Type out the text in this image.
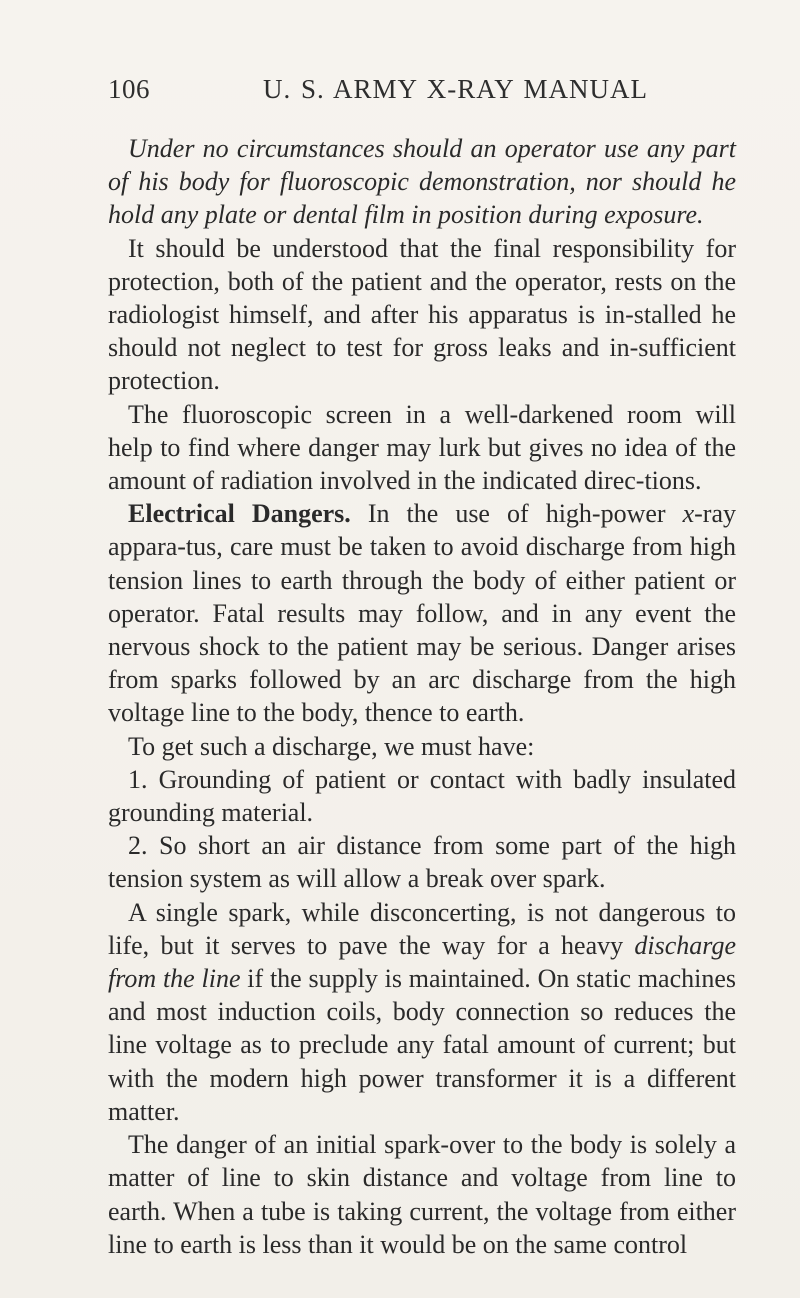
106	U. S. ARMY X-RAY MANUAL

Under no circumstances should an operator use any part of his body for fluoroscopic demonstration, nor should he hold any plate or dental film in position during exposure.

It should be understood that the final responsibility for protection, both of the patient and the operator, rests on the radiologist himself, and after his apparatus is in-stalled he should not neglect to test for gross leaks and in-sufficient protection.

The fluoroscopic screen in a well-darkened room will help to find where danger may lurk but gives no idea of the amount of radiation involved in the indicated direc-tions.

Electrical Dangers. In the use of high-power x-ray appara-tus, care must be taken to avoid discharge from high tension lines to earth through the body of either patient or operator. Fatal results may follow, and in any event the nervous shock to the patient may be serious. Danger arises from sparks followed by an arc discharge from the high voltage line to the body, thence to earth.

To get such a discharge, we must have:

1. Grounding of patient or contact with badly insulated grounding material.

2. So short an air distance from some part of the high tension system as will allow a break over spark.

A single spark, while disconcerting, is not dangerous to life, but it serves to pave the way for a heavy discharge from the line if the supply is maintained. On static machines and most induction coils, body connection so reduces the line voltage as to preclude any fatal amount of current; but with the modern high power transformer it is a different matter.

The danger of an initial spark-over to the body is solely a matter of line to skin distance and voltage from line to earth. When a tube is taking current, the voltage from either line to earth is less than it would be on the same control
